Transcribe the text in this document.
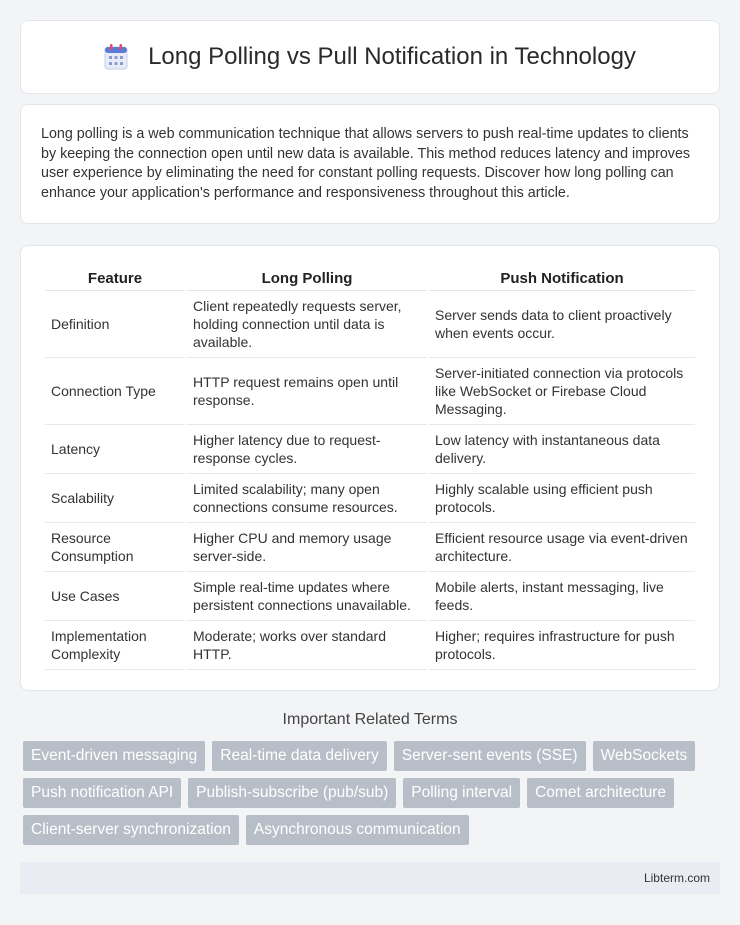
Long Polling vs Pull Notification in Technology

Long polling is a web communication technique that allows servers to push real-time updates to clients by keeping the connection open until new data is available. This method reduces latency and improves user experience by eliminating the need for constant polling requests. Discover how long polling can enhance your application's performance and responsiveness throughout this article.

Feature	Long Polling	Push Notification
Definition	Client repeatedly requests server, holding connection until data is available.	Server sends data to client proactively when events occur.
Connection Type	HTTP request remains open until response.	Server-initiated connection via protocols like WebSocket or Firebase Cloud Messaging.
Latency	Higher latency due to request-response cycles.	Low latency with instantaneous data delivery.
Scalability	Limited scalability; many open connections consume resources.	Highly scalable using efficient push protocols.
Resource Consumption	Higher CPU and memory usage server-side.	Efficient resource usage via event-driven architecture.
Use Cases	Simple real-time updates where persistent connections unavailable.	Mobile alerts, instant messaging, live feeds.
Implementation Complexity	Moderate; works over standard HTTP.	Higher; requires infrastructure for push protocols.
Important Related Terms
Event-driven messaging	Real-time data delivery	Server-sent events (SSE)	WebSockets
Push notification API	Publish-subscribe (pub/sub)	Polling interval	Comet architecture
Client-server synchronization	Asynchronous communication
Libterm.com
